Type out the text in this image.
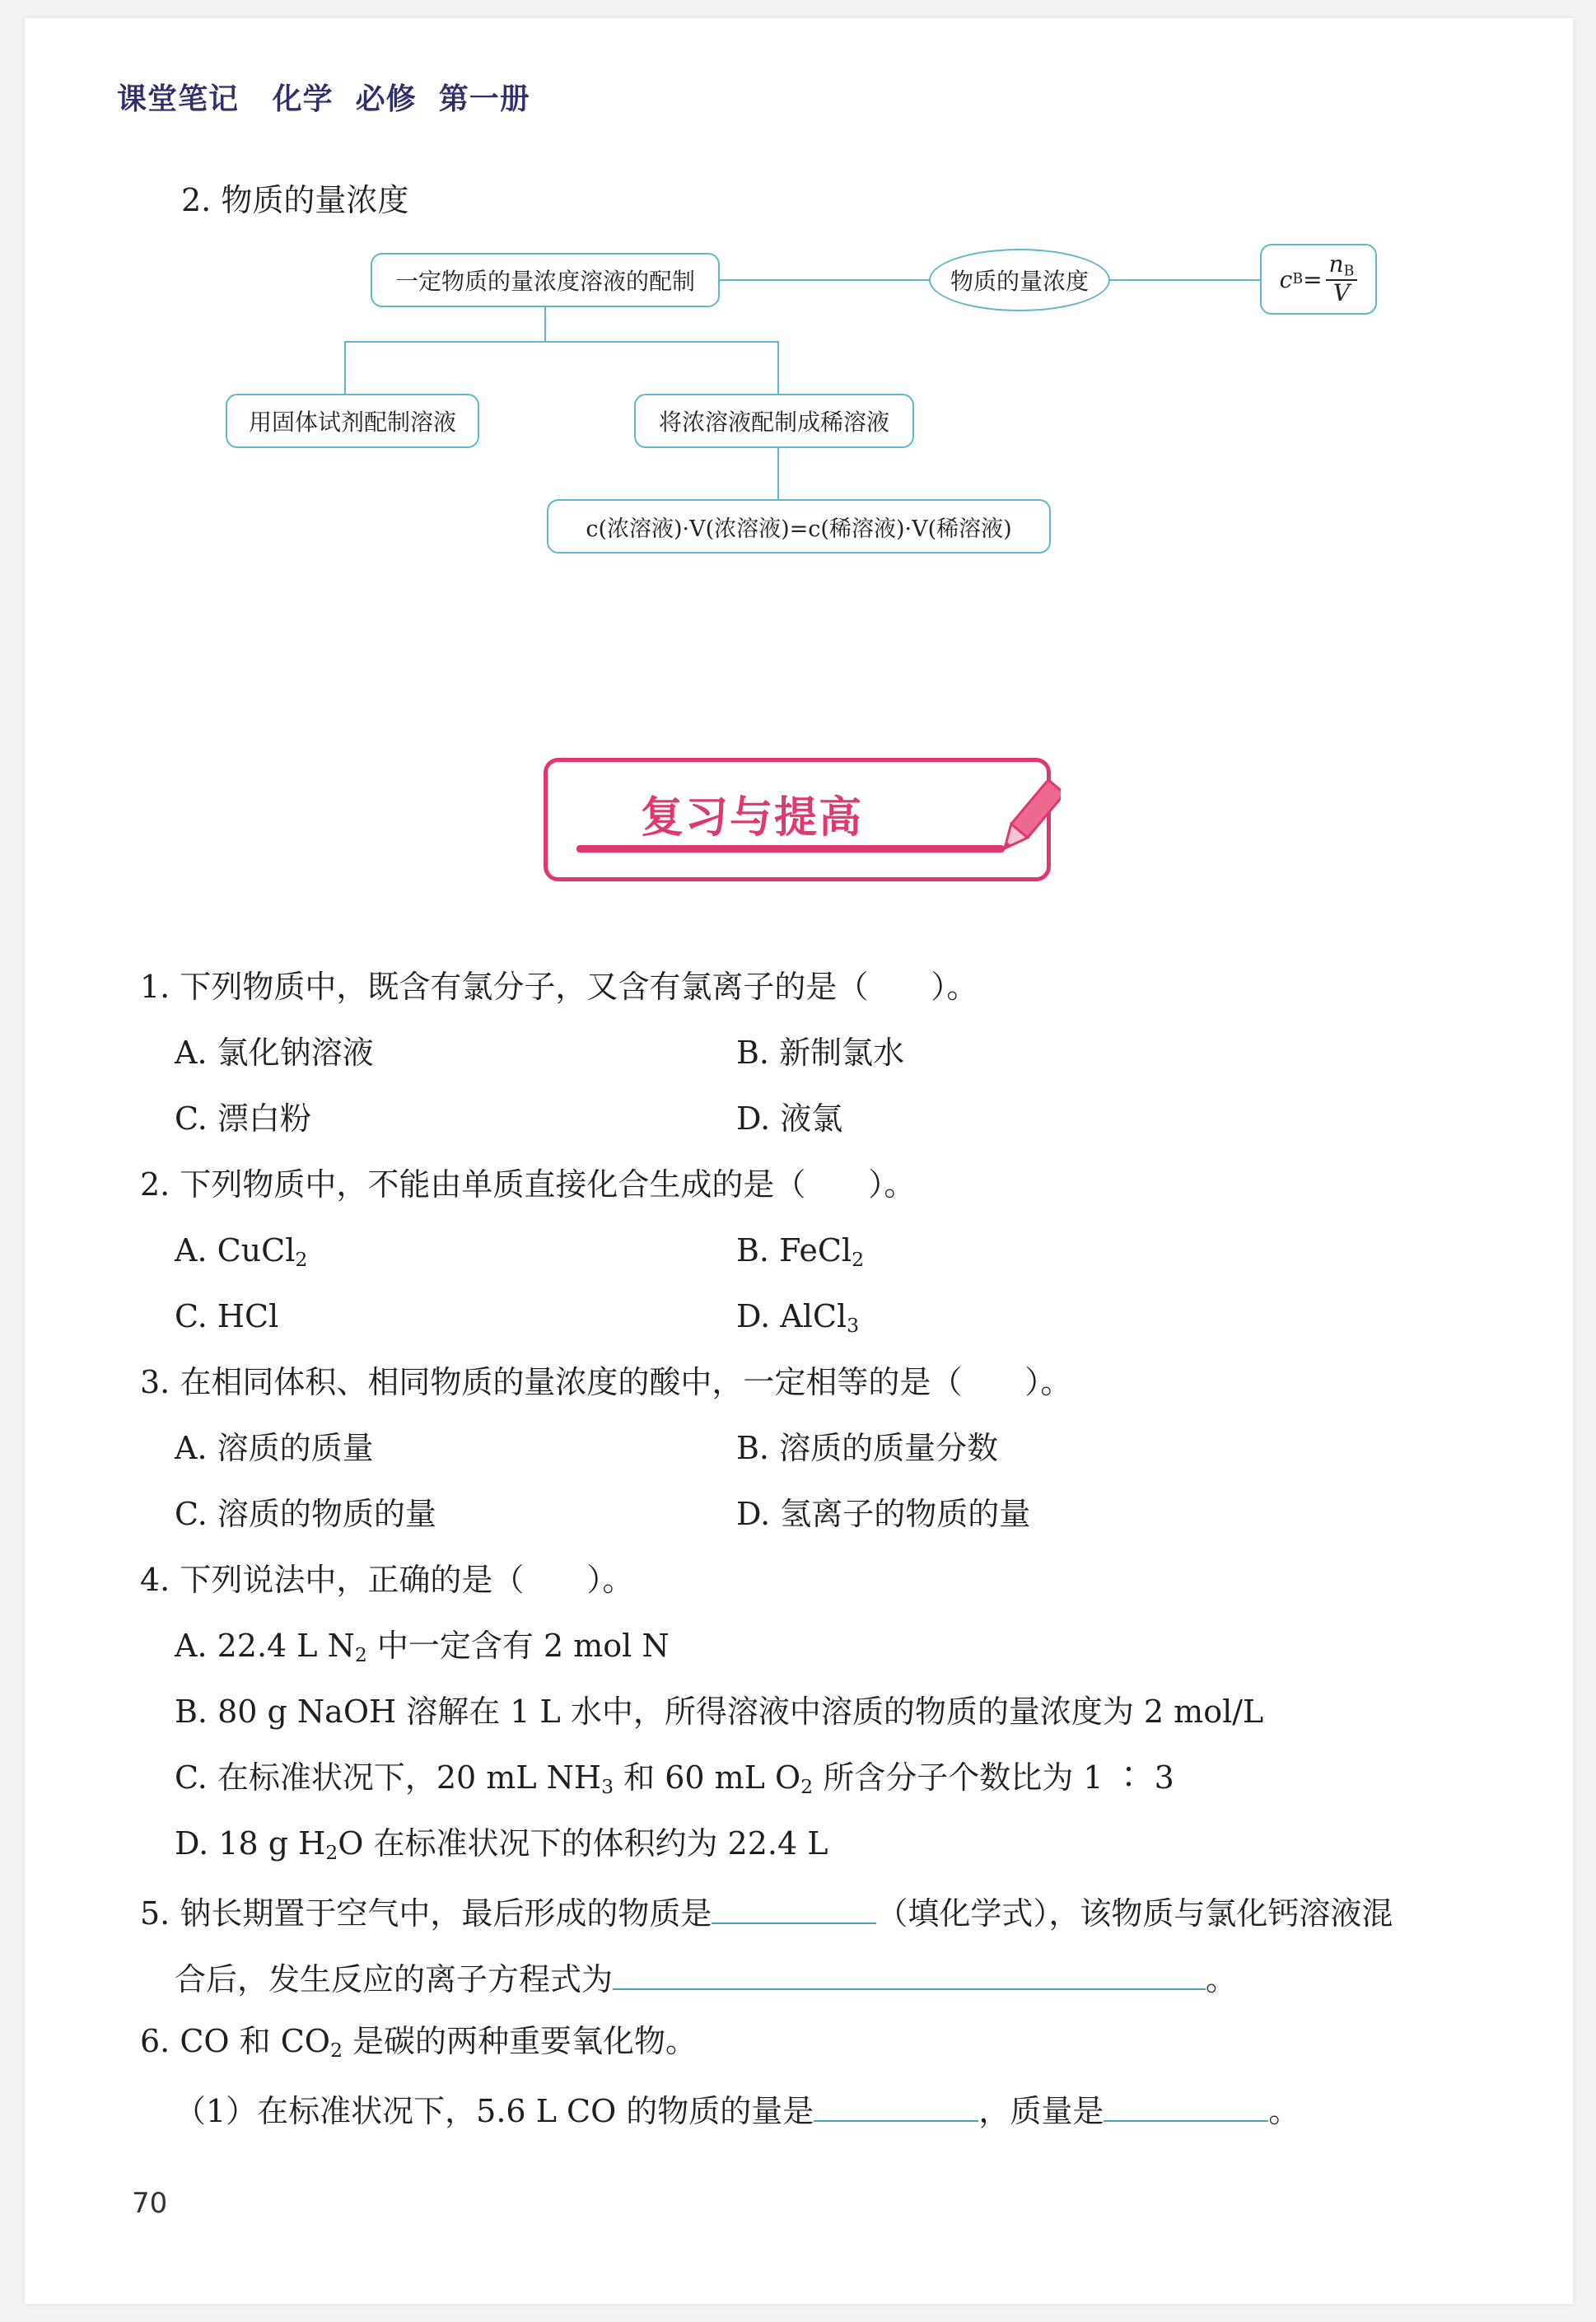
课堂笔记   化学  必修  第一册
2. 物质的量浓度
一定物质的量浓度溶液的配制	物质的量浓度	c $B = \frac{n_B}{V}$
用固体试剂配制溶液	将浓溶液配制成稀溶液
c(浓溶液)·V(浓溶液)=c(稀溶液)·V(稀溶液)
复习与提高
1. 下列物质中，既含有氯分子，又含有氯离子的是（　　）。
A. 氯化钠溶液	B. 新制氯水
C. 漂白粉	D. 液氯
2. 下列物质中，不能由单质直接化合生成的是（　　）。
A. CuCl$_2$	B. FeCl$_2$
C. HCl	D. AlCl$_3$
3. 在相同体积、相同物质的量浓度的酸中，一定相等的是（　　）。
A. 溶质的质量	B. 溶质的质量分数
C. 溶质的物质的量	D. 氢离子的物质的量
4. 下列说法中，正确的是（　　）。
A. 22.4 L $N_2$ 中一定含有 2 mol N
B. 80 g NaOH 溶解在 1 L 水中，所得溶液中溶质的物质的量浓度为 2 mol/L
C. 在标准状况下，20 mL $NH_3$ 和 60 mL $O_2$ 所含分子个数比为 1 ∶ 3
D. 18 g $H_2O$ 在标准状况下的体积约为 22.4 L
5. 钠长期置于空气中，最后形成的物质是	（填化学式），该物质与氯化钙溶液混
合后，发生反应的离子方程式为	。
6. CO 和 $CO_2$ 是碳的两种重要氧化物。
（1）在标准状况下，5.6 L CO 的物质的量是	，质量是	。
70
